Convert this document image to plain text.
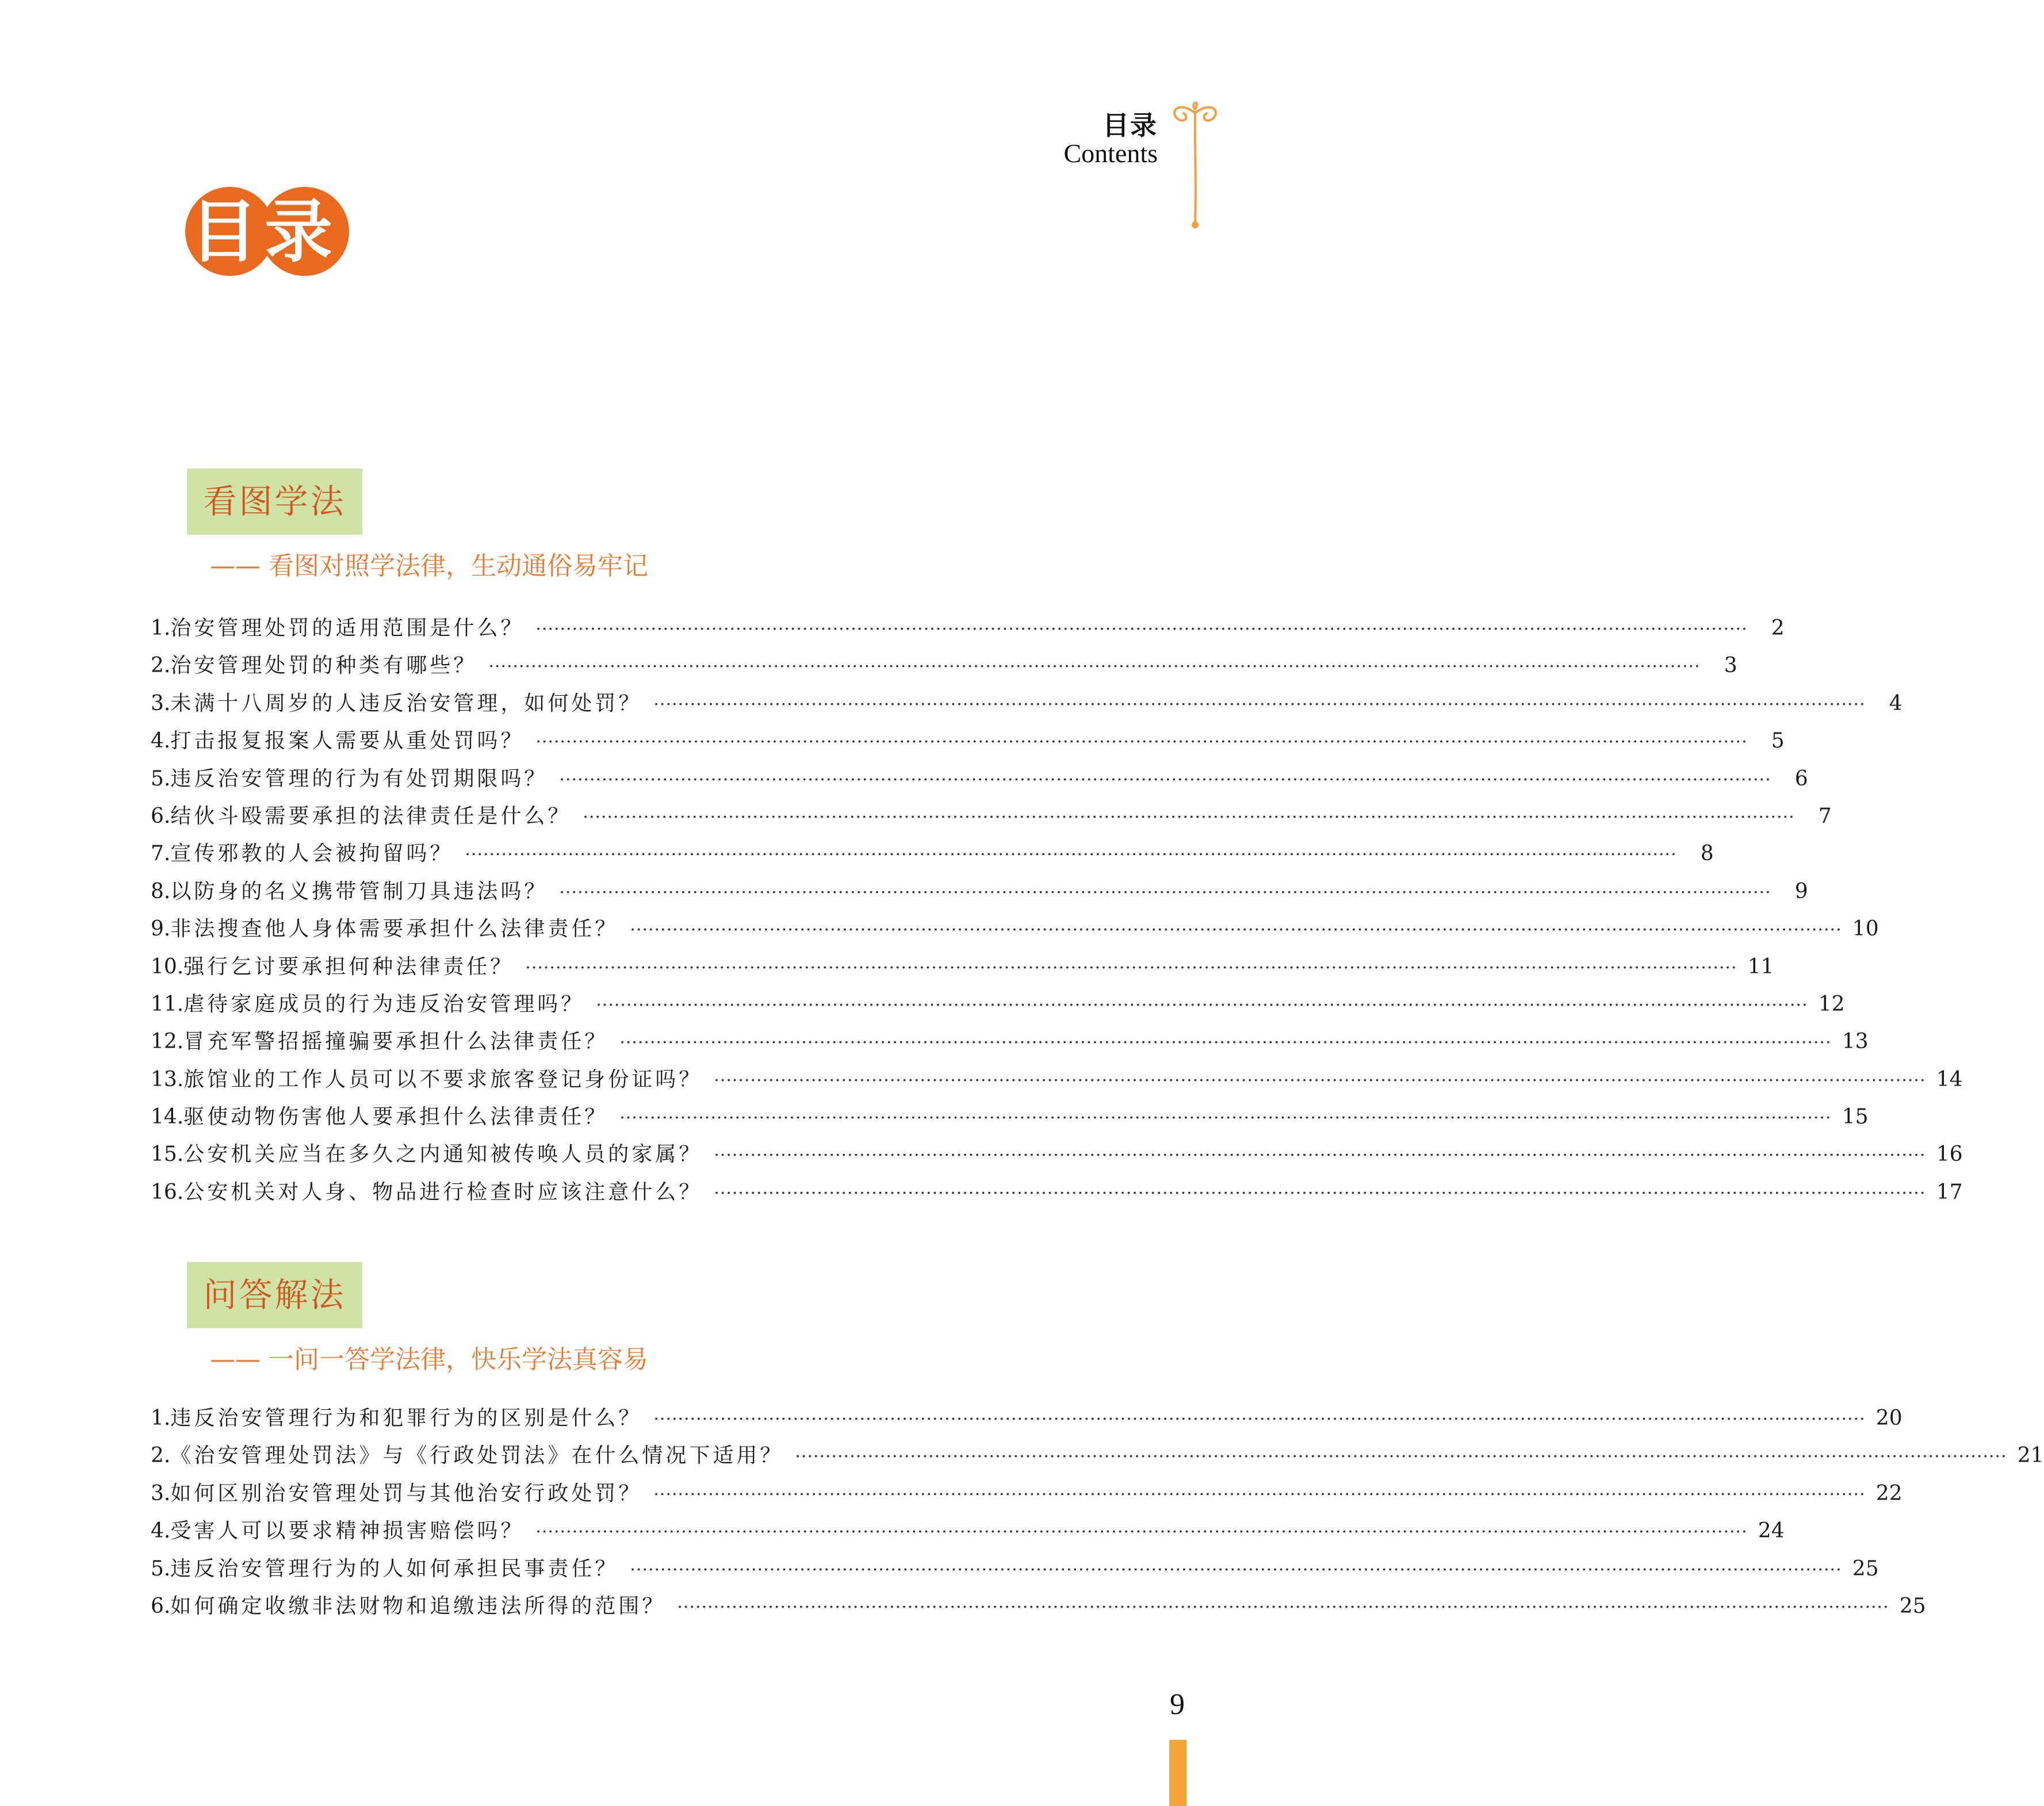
目录
Contents
目录
看图学法
—— 看图对照学法律，生动通俗易牢记
1. 治安管理处罚的适用范围是什么？ ········································································································································································································	2
2. 治安管理处罚的种类有哪些？ ········································································································································································································	3
3. 未满十八周岁的人违反治安管理，如何处罚？ ········································································································································································································	4
4. 打击报复报案人需要从重处罚吗？ ········································································································································································································	5
5. 违反治安管理的行为有处罚期限吗？ ········································································································································································································	6
6. 结伙斗殴需要承担的法律责任是什么？ ········································································································································································································	7
7. 宣传邪教的人会被拘留吗？ ········································································································································································································	8
8. 以防身的名义携带管制刀具违法吗？ ········································································································································································································	9
9. 非法搜查他人身体需要承担什么法律责任？ ········································································································································································································ 10
10. 强行乞讨要承担何种法律责任？ ········································································································································································································ 11
11. 虐待家庭成员的行为违反治安管理吗？ ········································································································································································································ 12
12. 冒充军警招摇撞骗要承担什么法律责任？ ········································································································································································································ 13
13. 旅馆业的工作人员可以不要求旅客登记身份证吗？ ········································································································································································································ 14
14. 驱使动物伤害他人要承担什么法律责任？ ········································································································································································································ 15
15. 公安机关应当在多久之内通知被传唤人员的家属？ ········································································································································································································ 16
16. 公安机关对人身、物品进行检查时应该注意什么？ ········································································································································································································ 17
问答解法
—— 一问一答学法律，快乐学法真容易
1. 违反治安管理行为和犯罪行为的区别是什么？ ········································································································································································································ 20
2. 《治安管理处罚法》与《行政处罚法》在什么情况下适用？ ········································································································································································································ 21
3. 如何区别治安管理处罚与其他治安行政处罚？ ········································································································································································································ 22
4. 受害人可以要求精神损害赔偿吗？ ········································································································································································································ 24
5. 违反治安管理行为的人如何承担民事责任？ ········································································································································································································ 25
6. 如何确定收缴非法财物和追缴违法所得的范围？ ········································································································································································································ 25
9
